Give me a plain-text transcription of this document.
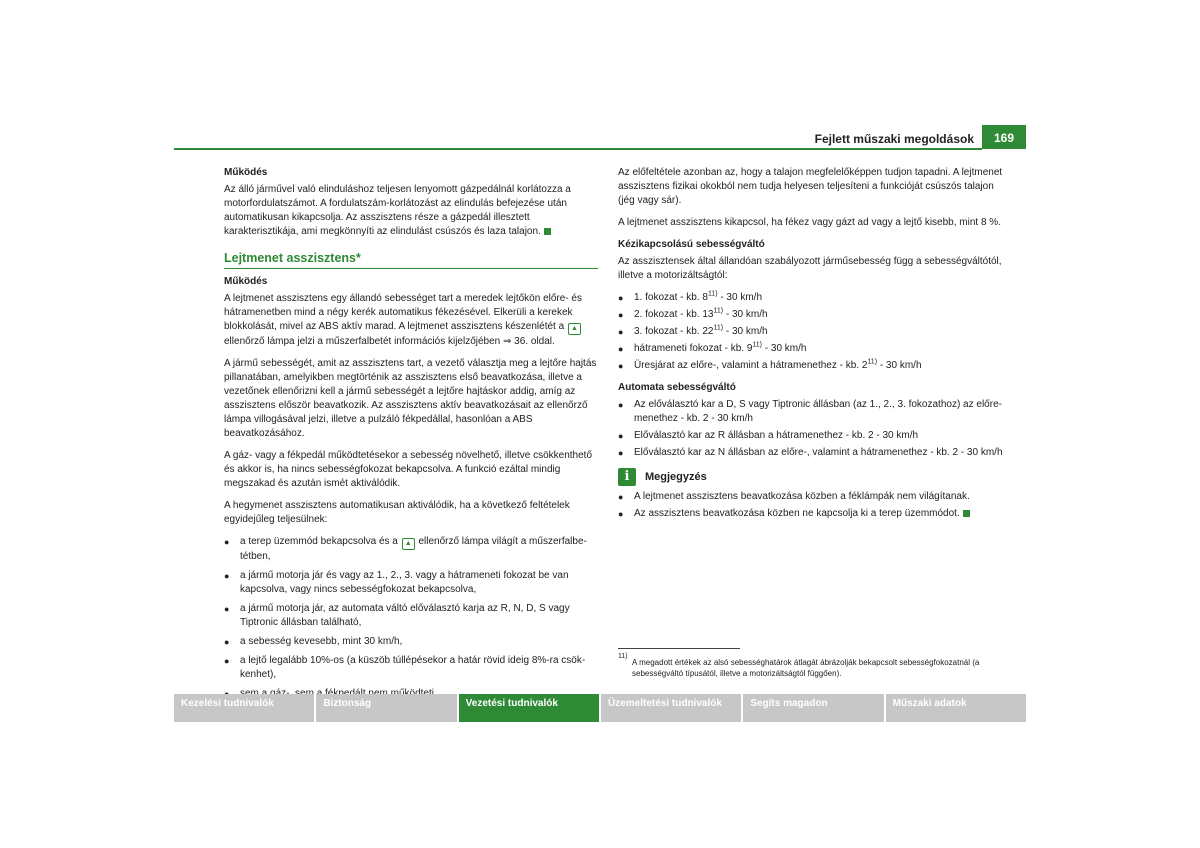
Fejlett műszaki megoldások	169
Működés

Az álló járművel való elinduláshoz teljesen lenyomott gázpedálnál korlátozza a motorfordulatszámot. A fordulatszám-korlátozást az elindulás befejezése után automatikusan kikapcsolja. Az asszisztens része a gázpedál illesztett karakterisztikája, ami megkönnyíti az elindulást csúszós és laza talajon.

Lejtmenet asszisztens*
Működés

A lejtmenet asszisztens egy állandó sebességet tart a meredek lejtőkön előre- és hátramenetben mind a négy kerék automatikus fékezésével. Elkerüli a kerekek blokkolását, mivel az ABS aktív marad. A lejtmenet asszisztens készenlétét a ▲ ellenőrző lámpa jelzi a műszerfalbetét információs kijelzőjében ⇒ 36. oldal.

A jármű sebességét, amit az asszisztens tart, a vezető választja meg a lejtőre hajtás pillanatában, amelyikben megtörténik az asszisztens első beavatkozása, illetve a vezetőnek ellenőrizni kell a jármű sebességét a lejtőre hajtáskor addig, amíg az asszisztens először beavatkozik. Az asszisztens aktív beavatkozásait az ellenőrző lámpa villogásával jelzi, illetve a pulzáló fékpedállal, hasonlóan a ABS beavatkozásához.

A gáz- vagy a fékpedál működtetésekor a sebesség növelhető, illetve csökkenthető és akkor is, ha nincs sebességfokozat bekapcsolva. A funkció ezáltal mindig megszakad és azután ismét aktiválódik.

A hegymenet asszisztens automatikusan aktiválódik, ha a következő feltételek egyidejűleg teljesülnek:

● a terep üzemmód bekapcsolva és a ▲ ellenőrző lámpa világít a műszerfalbetétben,
● a jármű motorja jár és vagy az 1., 2., 3. vagy a hátrameneti fokozat be van kapcsolva, vagy nincs sebességfokozat bekapcsolva,
● a jármű motorja jár, az automata váltó előválasztó karja az R, N, D, S vagy Tiptronic állásban található,
● a sebesség kevesebb, mint 30 km/h,
● a lejtő legalább 10%-os (a küszöb túllépésekor a határ rövid ideig 8%-ra csökkenhet),
●

Az előfeltétele azonban az, hogy a talajon megfelelőképpen tudjon tapadni. A lejtmenet asszisztens fizikai okokból nem tudja helyesen teljesíteni a funkcióját csúszós talajon (jég vagy sár).

A lejtmenet asszisztens kikapcsol, ha fékez vagy gázt ad vagy a lejtő kisebb, mint 8 %.

Kézikapcsolású sebességváltó

Az asszisztensek által állandóan szabályozott járműsebesség függ a sebességváltótól, illetve a motorizáltságtól:

● 1. fokozat - kb. 8$^{11)}$ - 30 km/h
● 2. fokozat - kb. 13$^{11)}$ - 30 km/h
● 3. fokozat - kb. 22$^{11)}$ - 30 km/h
● hátrameneti fokozat - kb. 9$^{11)}$ - 30 km/h
● Üresjárat az előre-, valamint a hátramenethez - kb. 2$^{11)}$ - 30 km/h
Automata sebességváltó
● Az előválasztó kar a D, S vagy Tiptronic állásban (az 1., 2., 3. fokozathoz) az előremenethez - kb. 2 - 30 km/h
● Előválasztó kar az R állásban a hátramenethez - kb. 2 - 30 km/h
● Előválasztó kar az N állásban az előre-, valamint a hátramenethez - kb. 2 - 30 km/h
i	Megjegyzés
● A lejtmenet asszisztens beavatkozása közben a féklámpák nem világítanak.
● Az asszisztens beavatkozása közben ne kapcsolja ki a terep üzemmódot.
11)
A megadott értékek az alsó sebességhatárok átlagát ábrázolják bekapcsolt sebességfokozatnál (a sebességváltó típusától, illetve a motorizáltságtól függően).
Kezelési tudnivalók	Biztonság	Vezetési tudnivalók	Üzemeltetési tudnivalók	Segíts magadon	Műszaki adatok
